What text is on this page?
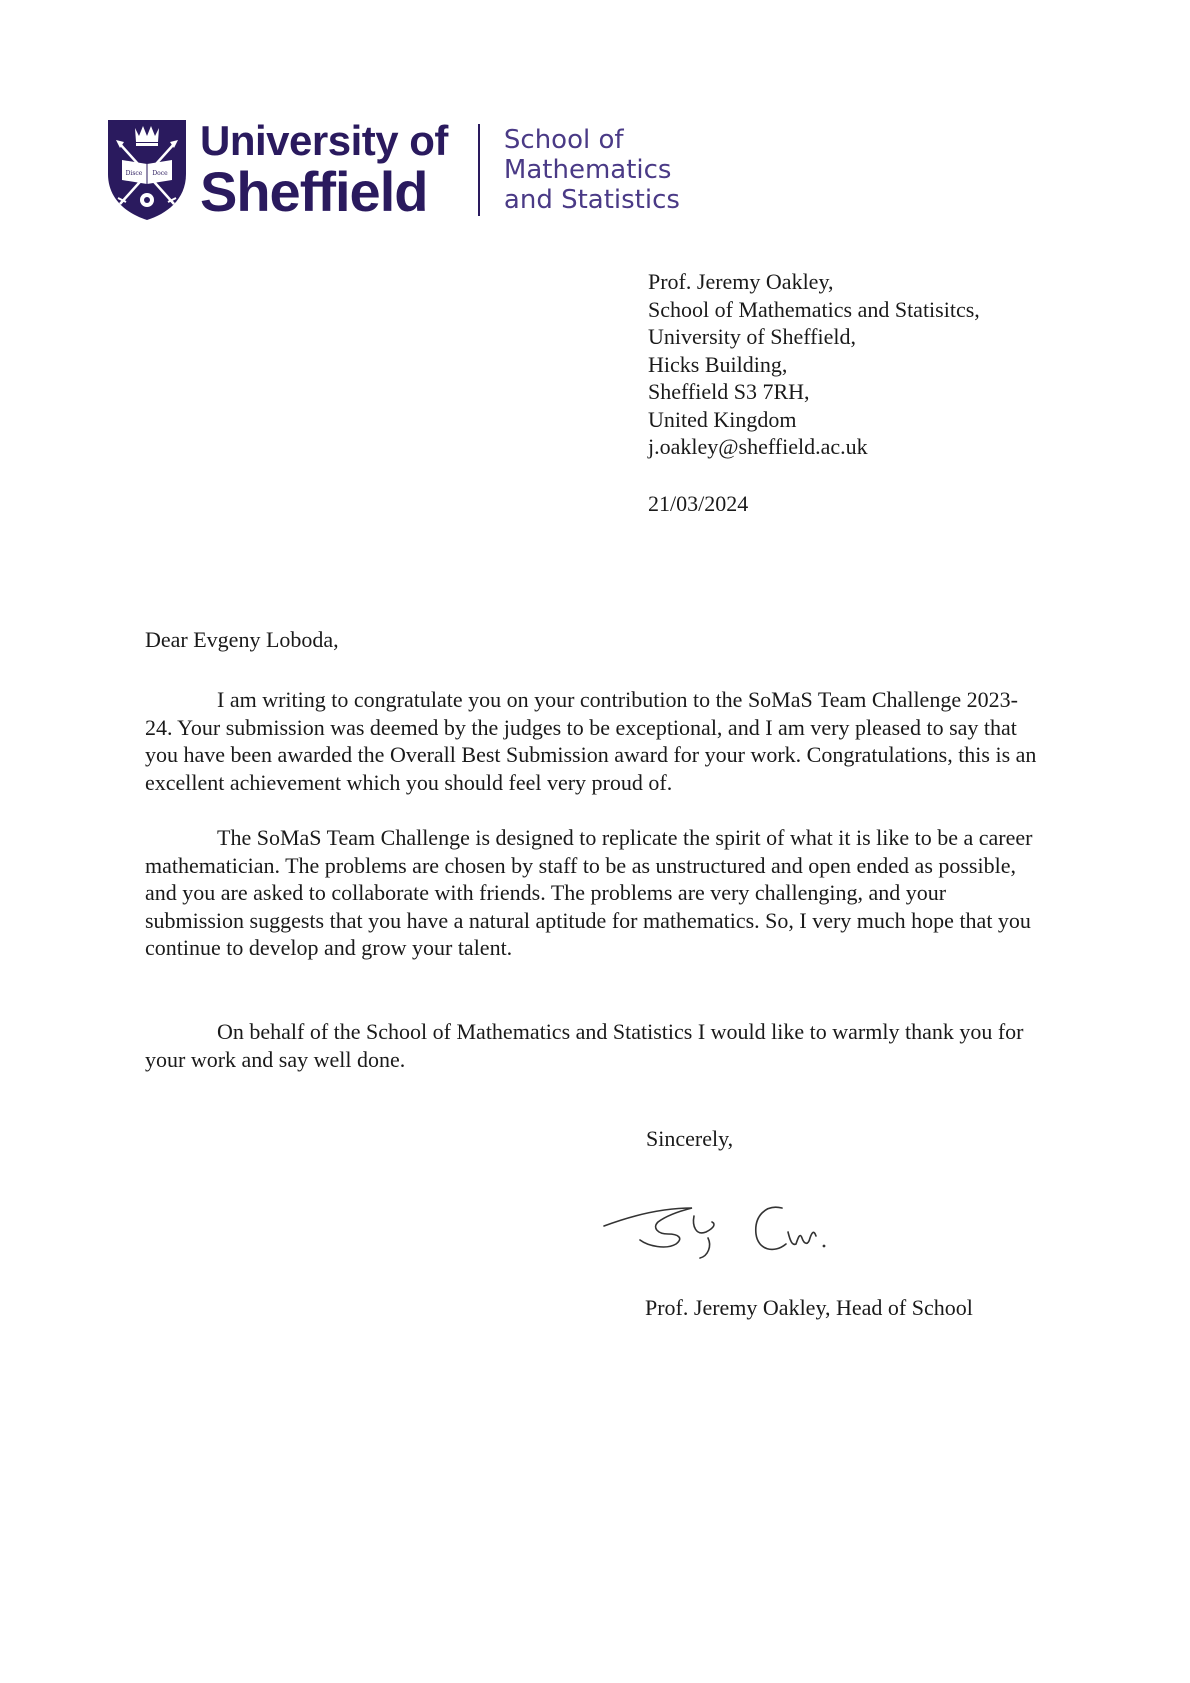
Disce Doce
University of
Sheffield
School of
Mathematics
and Statistics
Prof. Jeremy Oakley,
School of Mathematics and Statisitcs,
University of Sheffield,
Hicks Building,
Sheffield S3 7RH,
United Kingdom
j.oakley@sheffield.ac.uk
21/03/2024
Dear Evgeny Loboda,

I am writing to congratulate you on your contribution to the SoMaS Team Challenge 2023-24. Your submission was deemed by the judges to be exceptional, and I am very pleased to say that you have been awarded the Overall Best Submission award for your work. Congratulations, this is an excellent achievement which you should feel very proud of.

The SoMaS Team Challenge is designed to replicate the spirit of what it is like to be a career mathematician. The problems are chosen by staff to be as unstructured and open ended as possible, and you are asked to collaborate with friends. The problems are very challenging, and your submission suggests that you have a natural aptitude for mathematics. So, I very much hope that you continue to develop and grow your talent.

On behalf of the School of Mathematics and Statistics I would like to warmly thank you for your work and say well done.

Sincerely,
Prof. Jeremy Oakley, Head of School
